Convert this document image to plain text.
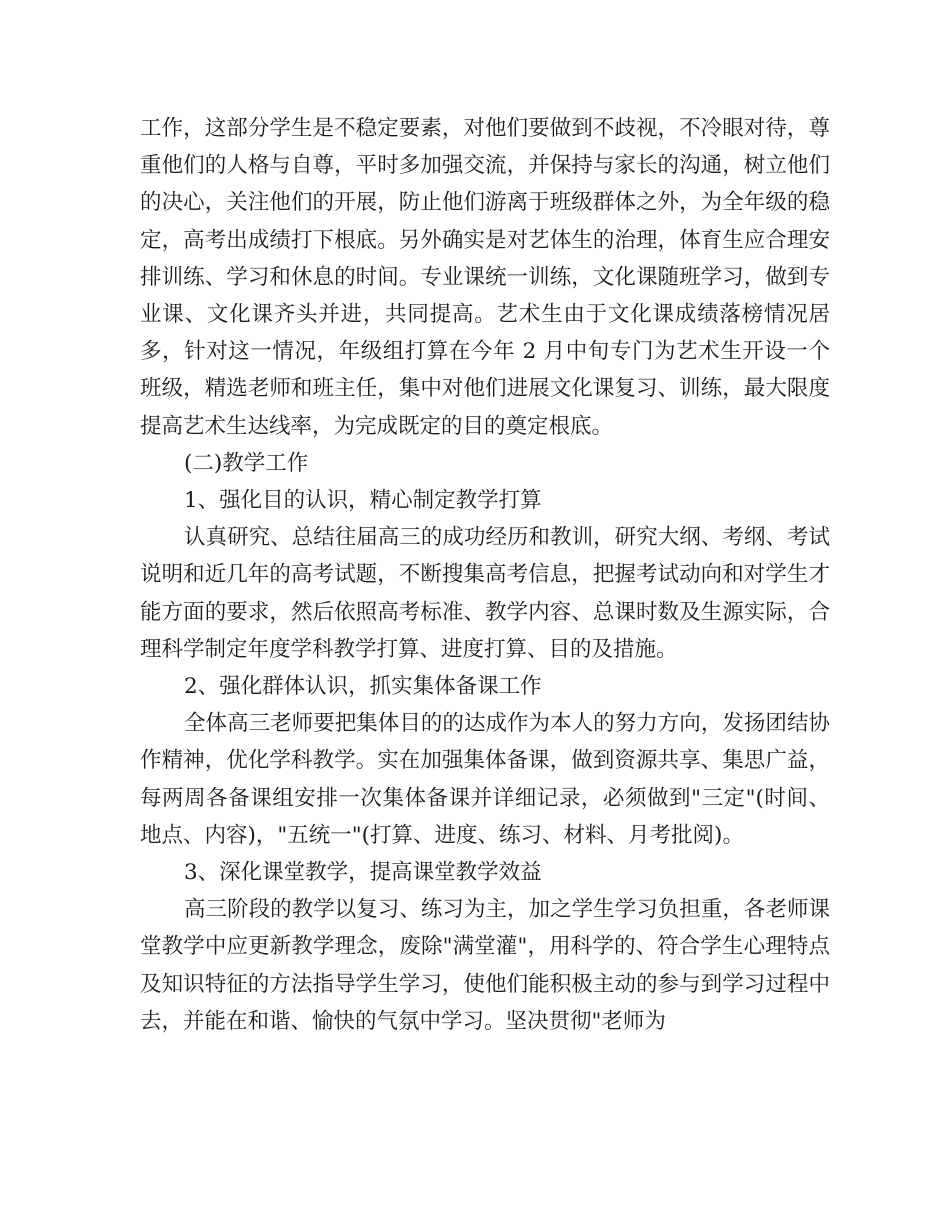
工作，这部分学生是不稳定要素，对他们要做到不歧视，不冷眼对待，尊重他们的人格与自尊，平时多加强交流，并保持与家长的沟通，树立他们的决心，关注他们的开展，防止他们游离于班级群体之外，为全年级的稳定，高考出成绩打下根底。另外确实是对艺体生的治理，体育生应合理安排训练、学习和休息的时间。专业课统一训练，文化课随班学习，做到专业课、文化课齐头并进，共同提高。艺术生由于文化课成绩落榜情况居多，针对这一情况，年级组打算在今年 2 月中旬专门为艺术生开设一个班级，精选老师和班主任，集中对他们进展文化课复习、训练，最大限度提高艺术生达线率，为完成既定的目的奠定根底。

(二)教学工作

1、强化目的认识，精心制定教学打算

认真研究、总结往届高三的成功经历和教训，研究大纲、考纲、考试说明和近几年的高考试题，不断搜集高考信息，把握考试动向和对学生才能方面的要求，然后依照高考标准、教学内容、总课时数及生源实际，合理科学制定年度学科教学打算、进度打算、目的及措施。

2、强化群体认识，抓实集体备课工作

全体高三老师要把集体目的的达成作为本人的努力方向，发扬团结协作精神，优化学科教学。实在加强集体备课，做到资源共享、集思广益，每两周各备课组安排一次集体备课并详细记录，必须做到"三定"(时间、地点、内容)，"五统一"(打算、进度、练习、材料、月考批阅)。

3、深化课堂教学，提高课堂教学效益

高三阶段的教学以复习、练习为主，加之学生学习负担重，各老师课堂教学中应更新教学理念，废除"满堂灌"，用科学的、符合学生心理特点及知识特征的方法指导学生学习，使他们能积极主动的参与到学习过程中去，并能在和谐、愉快的气氛中学习。坚决贯彻"老师为
